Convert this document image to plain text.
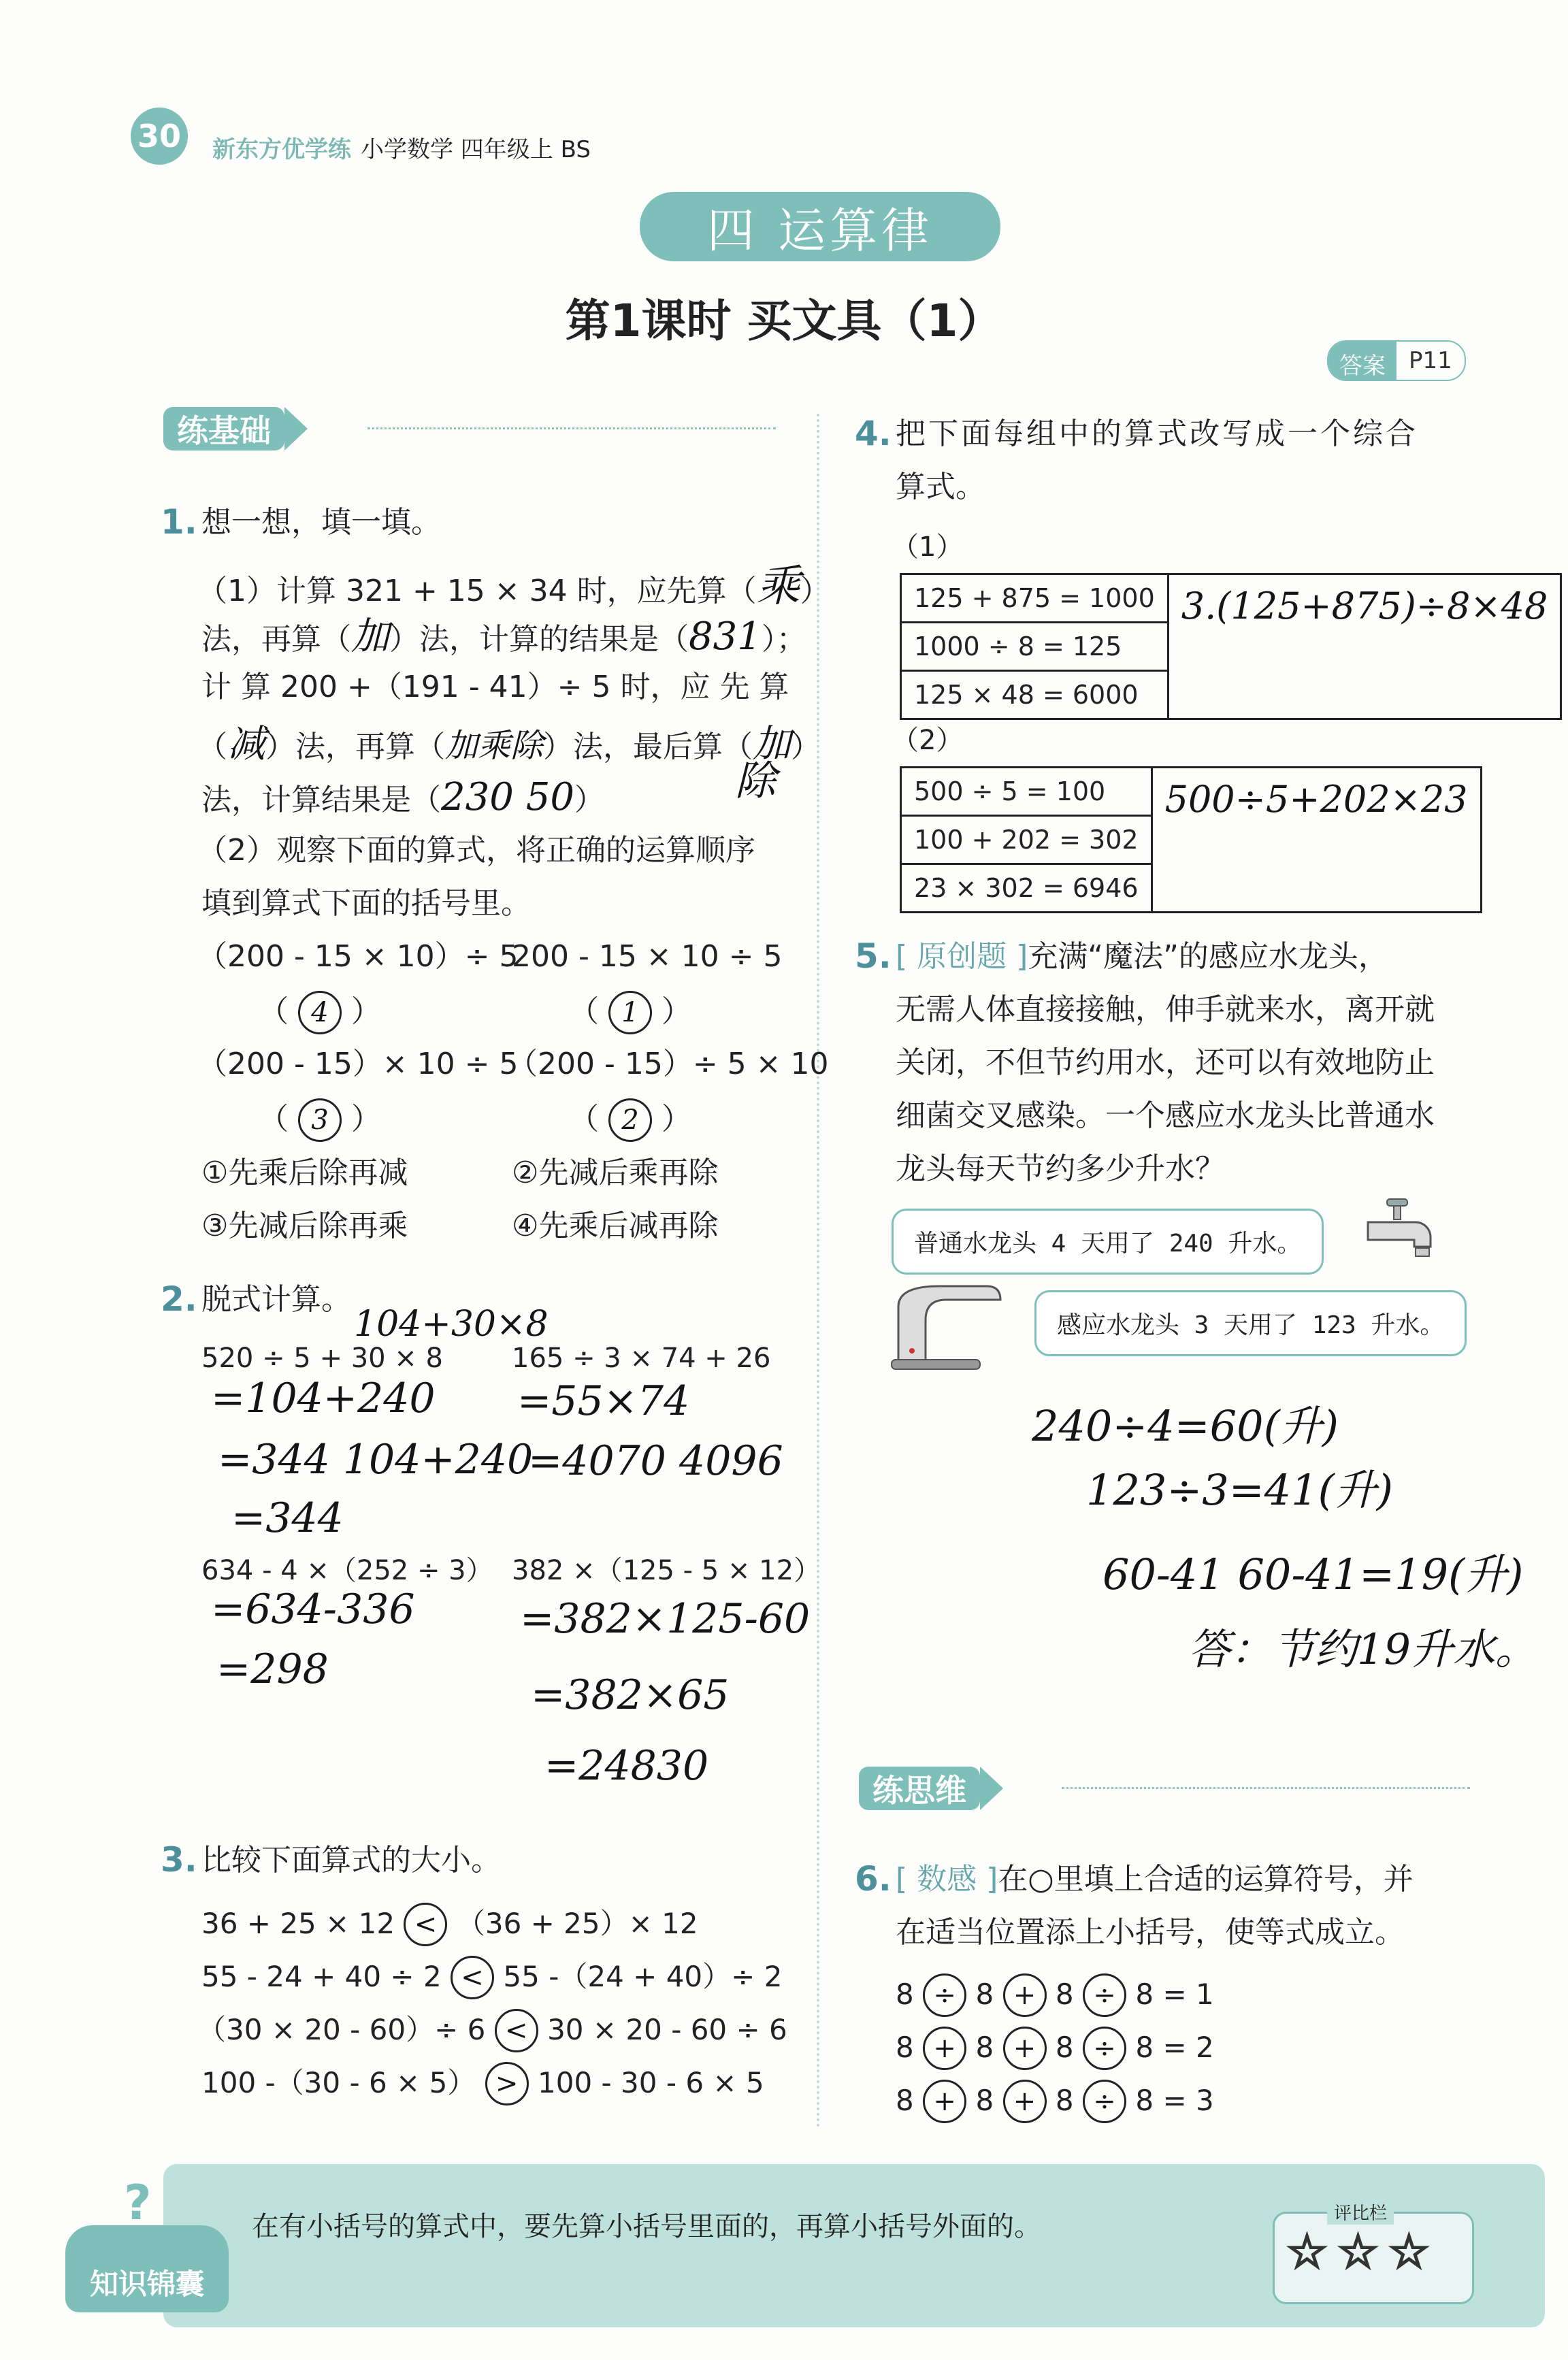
30 新东方优学练 小学数学 四年级上 BS
四 运算律
第1课时 买文具（1）
答案	P11
练基础
1. 想一想，填一填。
（1）计算 321 + 15 × 34 时，应先算（乘）
法，再算（加）法，计算的结果是（831）；
计 算 200 +（191 - 41）÷ 5 时，应 先 算
（减）法，再算（加乘除）法，最后算（加）
除
法，计算结果是（230 50）
（2）观察下面的算式，将正确的运算顺序
填到算式下面的括号里。
（200 - 15 × 10）÷ 5
200 - 15 × 10 ÷ 5
（ 4 ）	（ 1 ）
（200 - 15）× 10 ÷ 5
（200 - 15）÷ 5 × 10
（ 3 ）	（ 2 ）
①先乘后除再减	②先减后乘再除
③先减后除再乘	④先乘后减再除
2. 脱式计算。
520 ÷ 5 + 30 × 8
104+30×8
=104+240
=344 104+240
=344
165 ÷ 3 × 74 + 26
=55×74
=4070 4096
634 - 4 ×（252 ÷ 3）
=634-336
=298
382 ×（125 - 5 × 12）
=382×125-60
=382×65
=24830
3. 比较下面算式的大小。
36 + 25 × 12 < （36 + 25）× 12
55 - 24 + 40 ÷ 2 < 55 -（24 + 40）÷ 2
（30 × 20 - 60）÷ 6 < 30 × 20 - 60 ÷ 6
100 -（30 - 6 × 5） > 100 - 30 - 6 × 5
4. 把下面每组中的算式改写成一个综合
算式。
（1）
125 + 875 = 1000	3.(125+875)÷8×48
1000 ÷ 8 = 125
125 × 48 = 6000
（2）
500 ÷ 5 = 100	500÷5+202×23
100 + 202 = 302
23 × 302 = 6946
5. [ 原创题 ]充满“魔法”的感应水龙头，
无需人体直接接触，伸手就来水，离开就
关闭，不但节约用水，还可以有效地防止
细菌交叉感染。一个感应水龙头比普通水
龙头每天节约多少升水？
普通水龙头 4 天用了 240 升水。
感应水龙头 3 天用了 123 升水。
240÷4=60(升)
123÷3=41(升)
60-41 60-41=19(升)
答：节约19升水。
练思维
6. [ 数感 ]在○里填上合适的运算符号，并
在适当位置添上小括号，使等式成立。
8 ÷ 8 + 8 ÷ 8 = 1
8 + 8 + 8 ÷ 8 = 2
8 + 8 + 8 ÷ 8 = 3
知识锦囊
?	在有小括号的算式中，要先算小括号里面的，再算小括号外面的。	评比栏
☆☆☆
